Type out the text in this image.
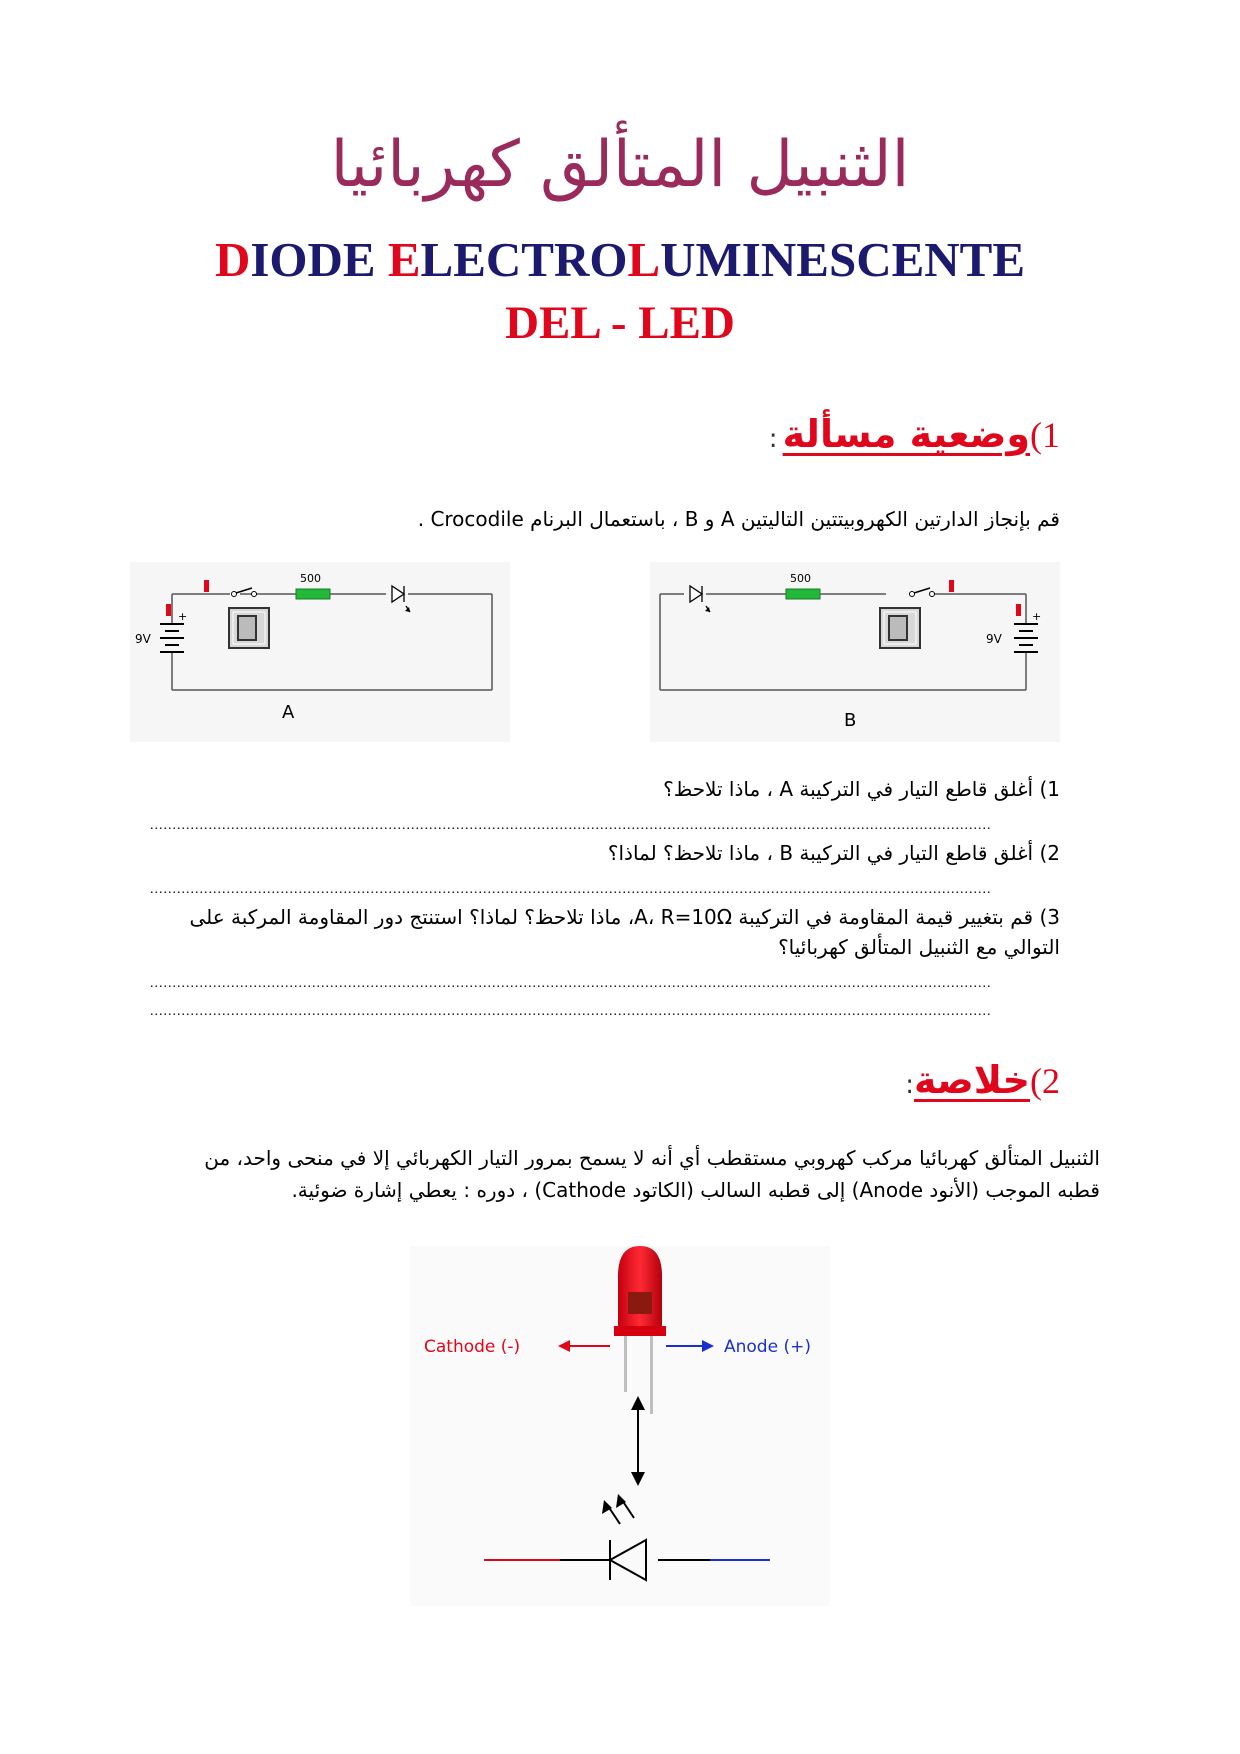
الثنبيل المتألق كهربائيا
DIODE ELECTROLUMINESCENTE
DEL - LED
1)وضعية مسألة :
قم بإنجاز الدارتين الكهروبيتتين التاليتين A و B ، باستعمال البرنام Crocodile .
+
9V
500
A
500
+
9V
B
1) أغلق قاطع التيار في التركيبة A ، ماذا تلاحظ؟
...........................................................................................................................................................................................
2) أغلق قاطع التيار في التركيبة B ، ماذا تلاحظ؟ لماذا؟
...........................................................................................................................................................................................
3) قم بتغيير قيمة المقاومة في التركيبة A، R=10Ω، ماذا تلاحظ؟ لماذا؟ استنتج دور المقاومة المركبة على التوالي مع الثنبيل المتألق كهربائيا؟
...........................................................................................................................................................................................
...........................................................................................................................................................................................
2)خلاصة:
الثنبيل المتألق كهربائيا مركب كهروبي مستقطب أي أنه لا يسمح بمرور التيار الكهربائي إلا في منحى واحد، من قطبه الموجب (الأنود Anode) إلى قطبه السالب (الكاتود Cathode) ، دوره : يعطي إشارة ضوئية.
Cathode (-)	Anode (+)
